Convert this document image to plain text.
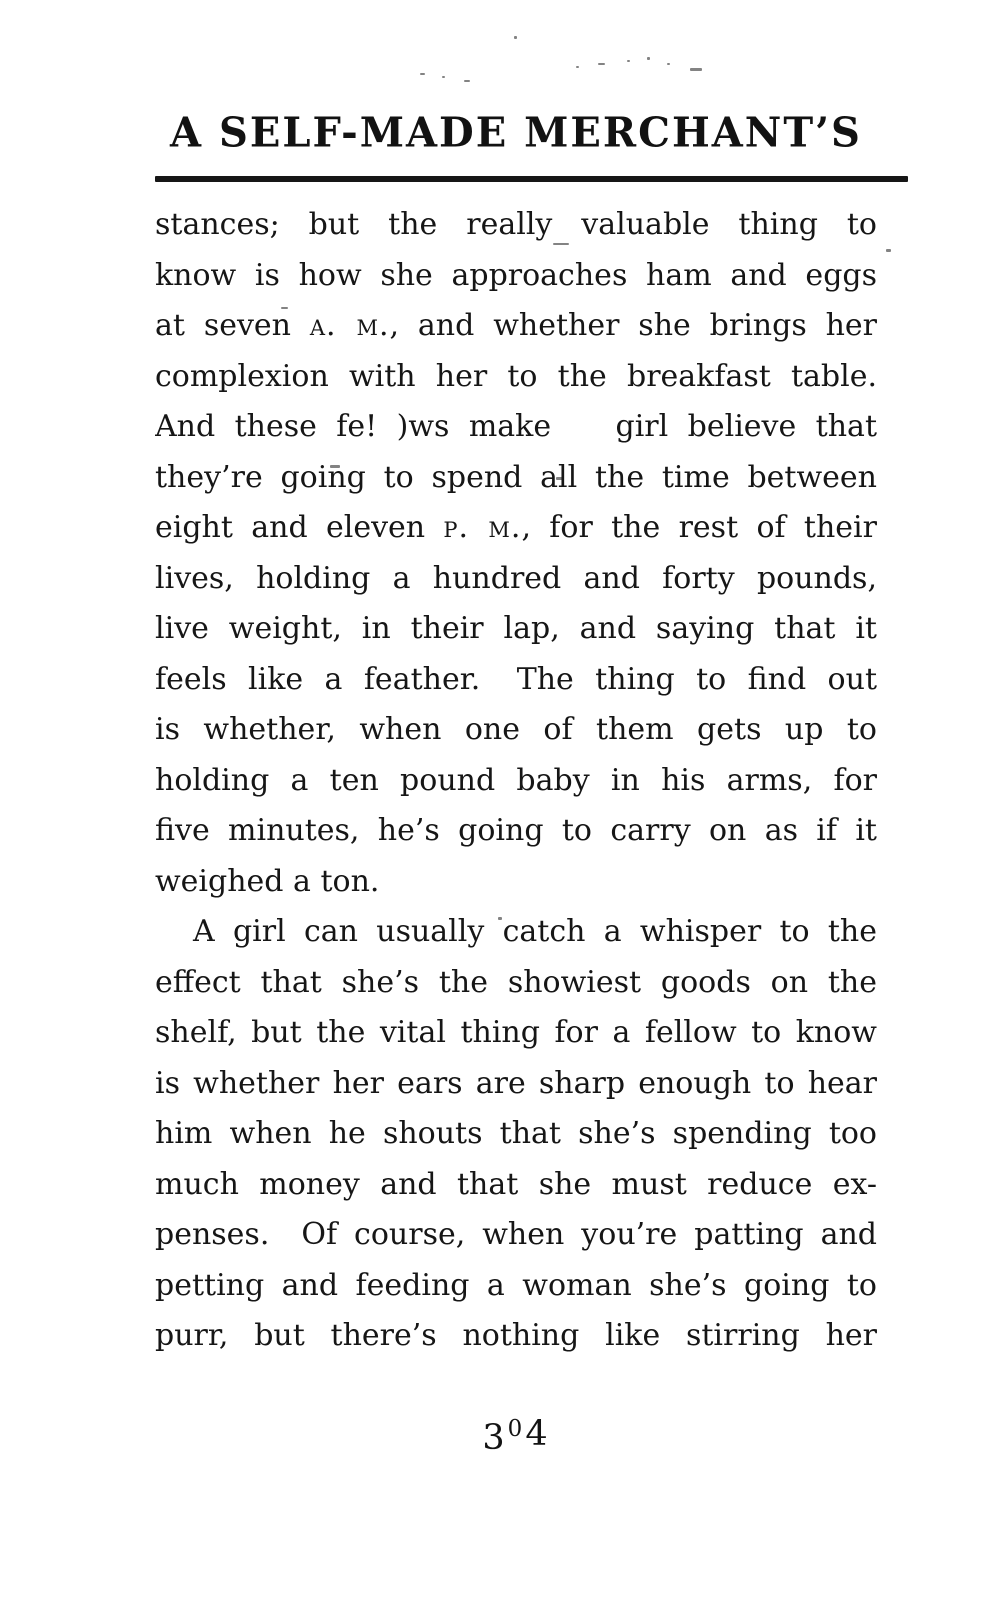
A SELF-MADE MERCHANT’S
stances; but the really valuable thing to
know is how she approaches ham and eggs
at seven a. m., and whether she brings her
complexion with her to the breakfast table.
And these fe! )ws make   girl believe that
they’re going to spend all the time between
eight and eleven p. m., for the rest of their
lives, holding a hundred and forty pounds,
live weight, in their lap, and saying that it
feels like a feather.  The thing to find out
is whether, when one of them gets up to
holding a ten pound baby in his arms, for
five minutes, he’s going to carry on as if it
weighed a ton.
A girl can usually catch a whisper to the
effect that she’s the showiest goods on the
shelf, but the vital thing for a fellow to know
is whether her ears are sharp enough to hear
him when he shouts that she’s spending too
much money and that she must reduce ex-
penses.  Of course, when you’re patting and
petting and feeding a woman she’s going to
purr, but there’s nothing like stirring her
304
